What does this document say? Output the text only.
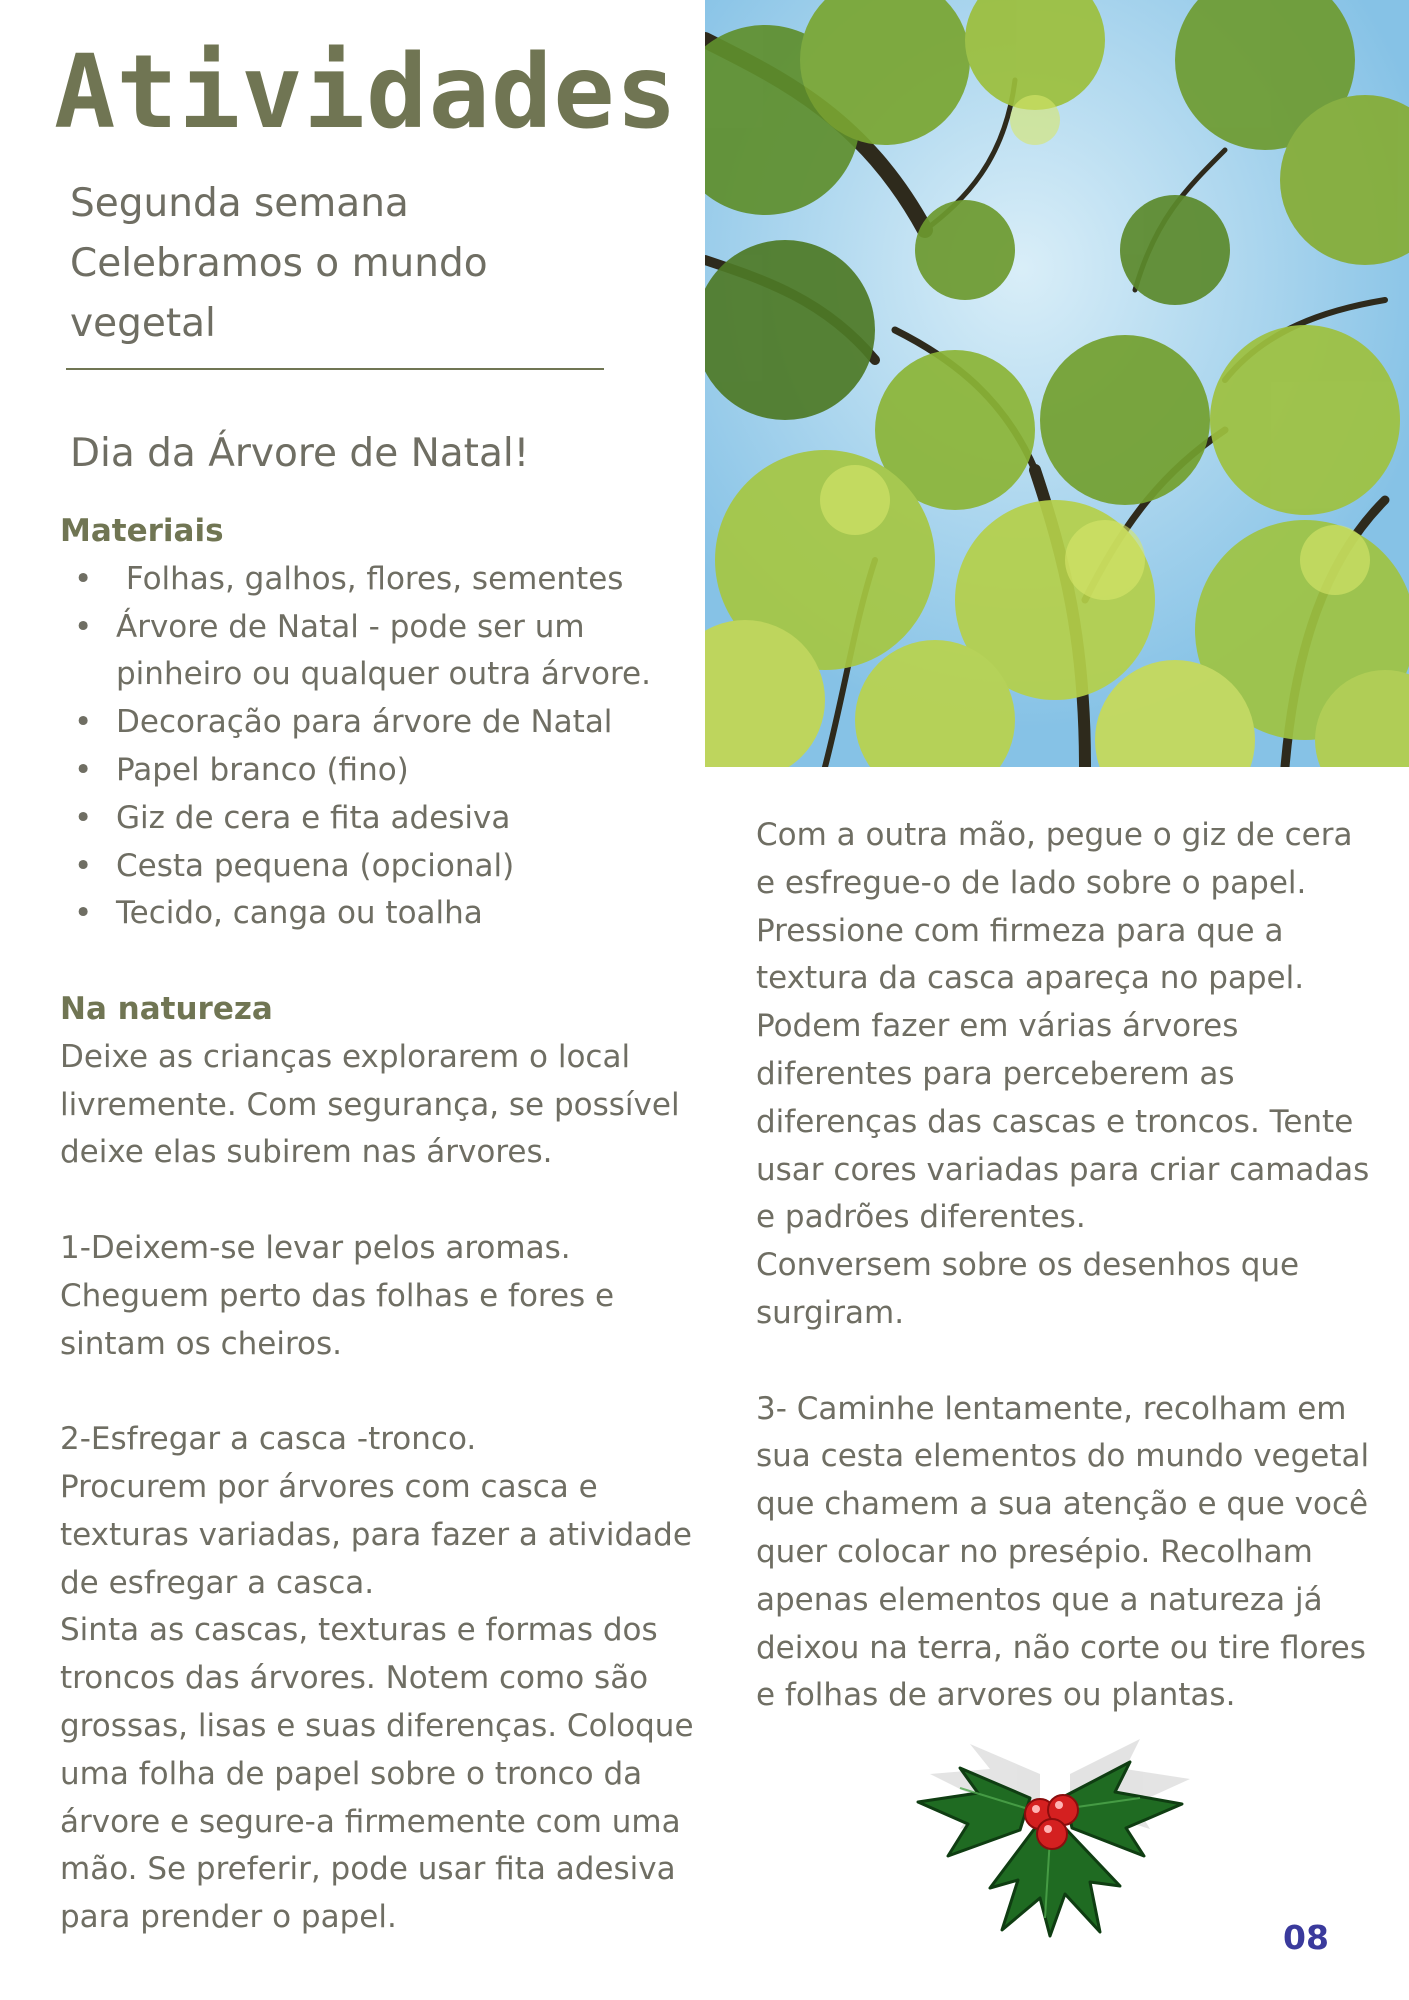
Atividades
Segunda semana
Celebramos o mundo
vegetal
Dia da Árvore de Natal!
Materiais
• Folhas, galhos, flores, sementes
• Árvore de Natal - pode ser um pinheiro ou qualquer outra árvore.
• Decoração para árvore de Natal
• Papel branco (fino)
• Giz de cera e fita adesiva
• Cesta pequena (opcional)
• Tecido, canga ou toalha
Na natureza

Deixe as crianças explorarem o local livremente. Com segurança, se possível deixe elas subirem nas árvores.

1-Deixem-se levar pelos aromas.

Cheguem perto das folhas e fores e sintam os cheiros.

2-Esfregar a casca -tronco.

Procurem por árvores com casca e texturas variadas, para fazer a atividade de esfregar a casca.

Sinta as cascas, texturas e formas dos troncos das árvores. Notem como são grossas, lisas e suas diferenças. Coloque uma folha de papel sobre o tronco da árvore e segure-a firmemente com uma mão. Se preferir, pode usar fita adesiva para prender o papel.

Com a outra mão, pegue o giz de cera e esfregue-o de lado sobre o papel. Pressione com firmeza para que a textura da casca apareça no papel. Podem fazer em várias árvores diferentes para perceberem as diferenças das cascas e troncos. Tente usar cores variadas para criar camadas e padrões diferentes.

Conversem sobre os desenhos que surgiram.

3- Caminhe lentamente, recolham em sua cesta elementos do mundo vegetal que chamem a sua atenção e que você quer colocar no presépio. Recolham apenas elementos que a natureza já deixou na terra, não corte ou tire flores e folhas de arvores ou plantas.

08
